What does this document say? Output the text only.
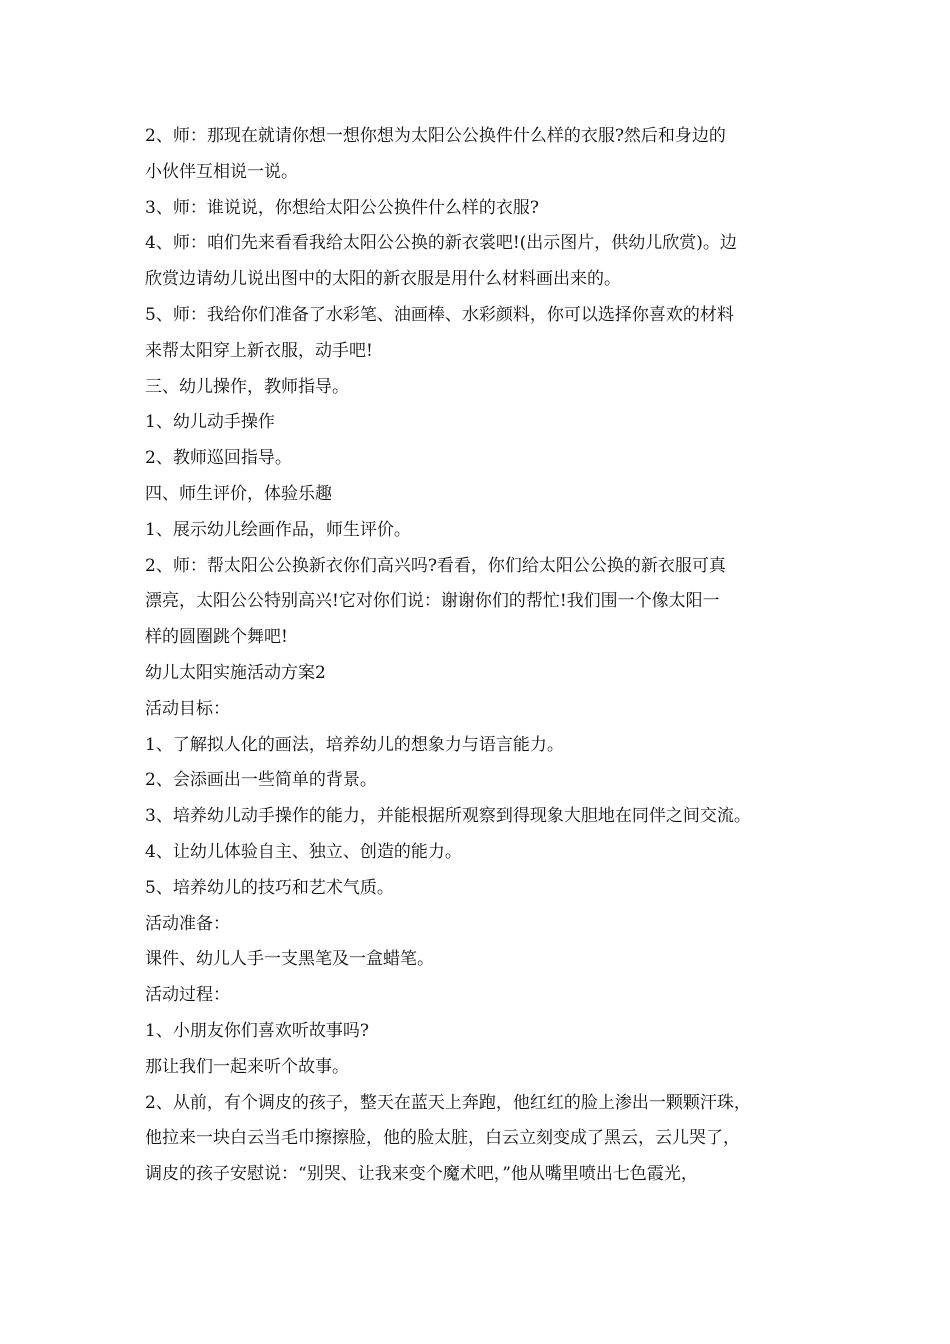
2、师：那现在就请你想一想你想为太阳公公换件什么样的衣服?然后和身边的
小伙伴互相说一说。
3、师：谁说说，你想给太阳公公换件什么样的衣服?
4、师：咱们先来看看我给太阳公公换的新衣裳吧!(出示图片，供幼儿欣赏)。边
欣赏边请幼儿说出图中的太阳的新衣服是用什么材料画出来的。
5、师：我给你们准备了水彩笔、油画棒、水彩颜料，你可以选择你喜欢的材料
来帮太阳穿上新衣服，动手吧!
三、幼儿操作，教师指导。
1、幼儿动手操作
2、教师巡回指导。
四、师生评价，体验乐趣
1、展示幼儿绘画作品，师生评价。
2、师：帮太阳公公换新衣你们高兴吗?看看，你们给太阳公公换的新衣服可真
漂亮，太阳公公特别高兴!它对你们说：谢谢你们的帮忙!我们围一个像太阳一
样的圆圈跳个舞吧!
幼儿太阳实施活动方案2
活动目标：
1、了解拟人化的画法，培养幼儿的想象力与语言能力。
2、会添画出一些简单的背景。
3、培养幼儿动手操作的能力，并能根据所观察到得现象大胆地在同伴之间交流。
4、让幼儿体验自主、独立、创造的能力。
5、培养幼儿的技巧和艺术气质。
活动准备：
课件、幼儿人手一支黑笔及一盒蜡笔。
活动过程：
1、小朋友你们喜欢听故事吗?
那让我们一起来听个故事。
2、从前，有个调皮的孩子，整天在蓝天上奔跑，他红红的脸上渗出一颗颗汗珠，
他拉来一块白云当毛巾擦擦脸，他的脸太脏，白云立刻变成了黑云，云儿哭了，
调皮的孩子安慰说：“别哭、让我来变个魔术吧，”他从嘴里喷出七色霞光，
